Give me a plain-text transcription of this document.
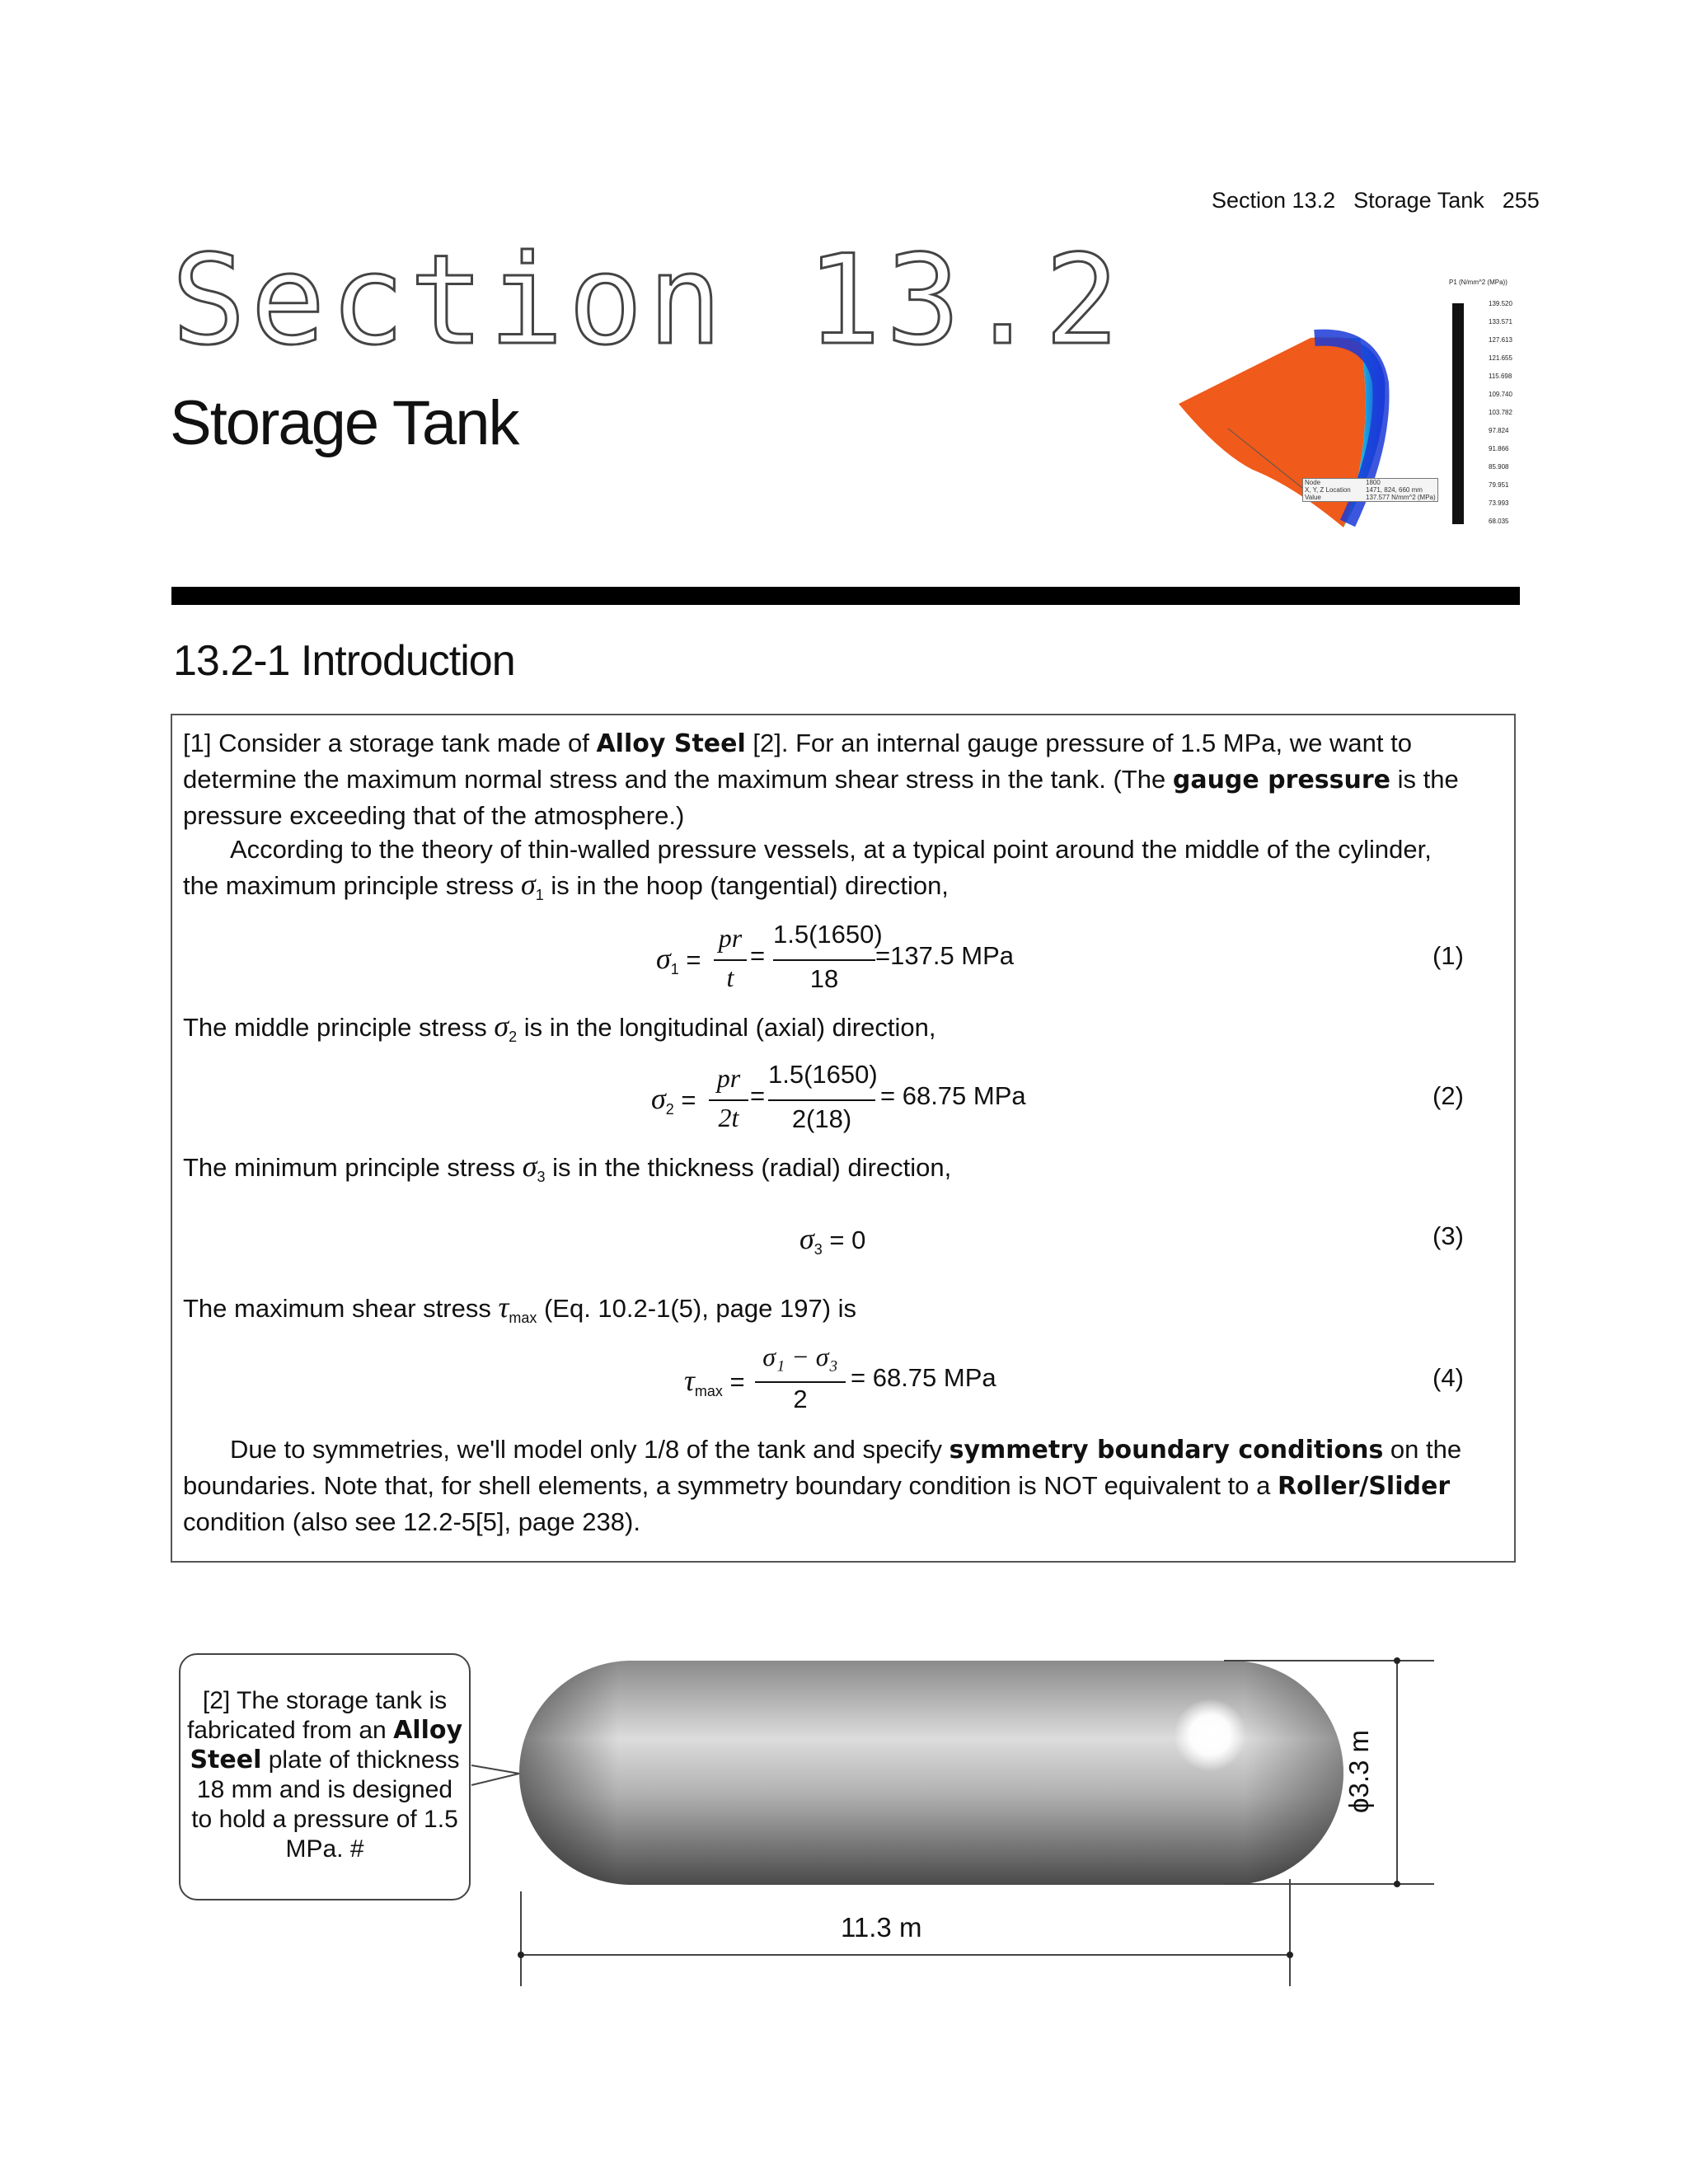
Section 13.2 Storage Tank 255
Section 13.2
Storage Tank
Node	1800
X, Y, Z Location	1471, 824, 660 mm
Value	137.577 N/mm^2 (MPa)
P1 (N/mm^2 (MPa))
139.520
133.571
127.613
121.655
115.698
109.740
103.782
97.824
91.866
85.908
79.951
73.993
68.035
13.2-1 Introduction
[1] Consider a storage tank made of Alloy Steel [2]. For an internal gauge pressure of 1.5 MPa, we want to determine the maximum normal stress and the maximum shear stress in the tank. (The gauge pressure is the pressure exceeding that of the atmosphere.)
According to the theory of thin-walled pressure vessels, at a typical point around the middle of the cylinder, the maximum principle stress $\sigma_1$ is in the hoop (tangential) direction,
$\sigma_1$ =
pr
t
=
1.5(1650)
18
=137.5 MPa	(1)
The middle principle stress $\sigma_2$ is in the longitudinal (axial) direction,
$\sigma_2$ =
pr
2t
=
1.5(1650)
2(18)
= 68.75 MPa	(2)
The minimum principle stress $\sigma_3$ is in the thickness (radial) direction,
$\sigma_3 = 0$	(3)
The maximum shear stress $\tau_{max}$ (Eq. 10.2-1(5), page 197) is
$\tau_{max}$ =
σ₁ − σ₃
2
= 68.75 MPa	(4)
Due to symmetries, we'll model only 1/8 of the tank and specify symmetry boundary conditions on the boundaries. Note that, for shell elements, a symmetry boundary condition is NOT equivalent to a Roller/Slider condition (also see 12.2-5[5], page 238).
[2] The storage tank is fabricated from an Alloy Steel plate of thickness 18 mm and is designed to hold a pressure of 1.5 MPa. #
11.3 m
ϕ3.3 m
